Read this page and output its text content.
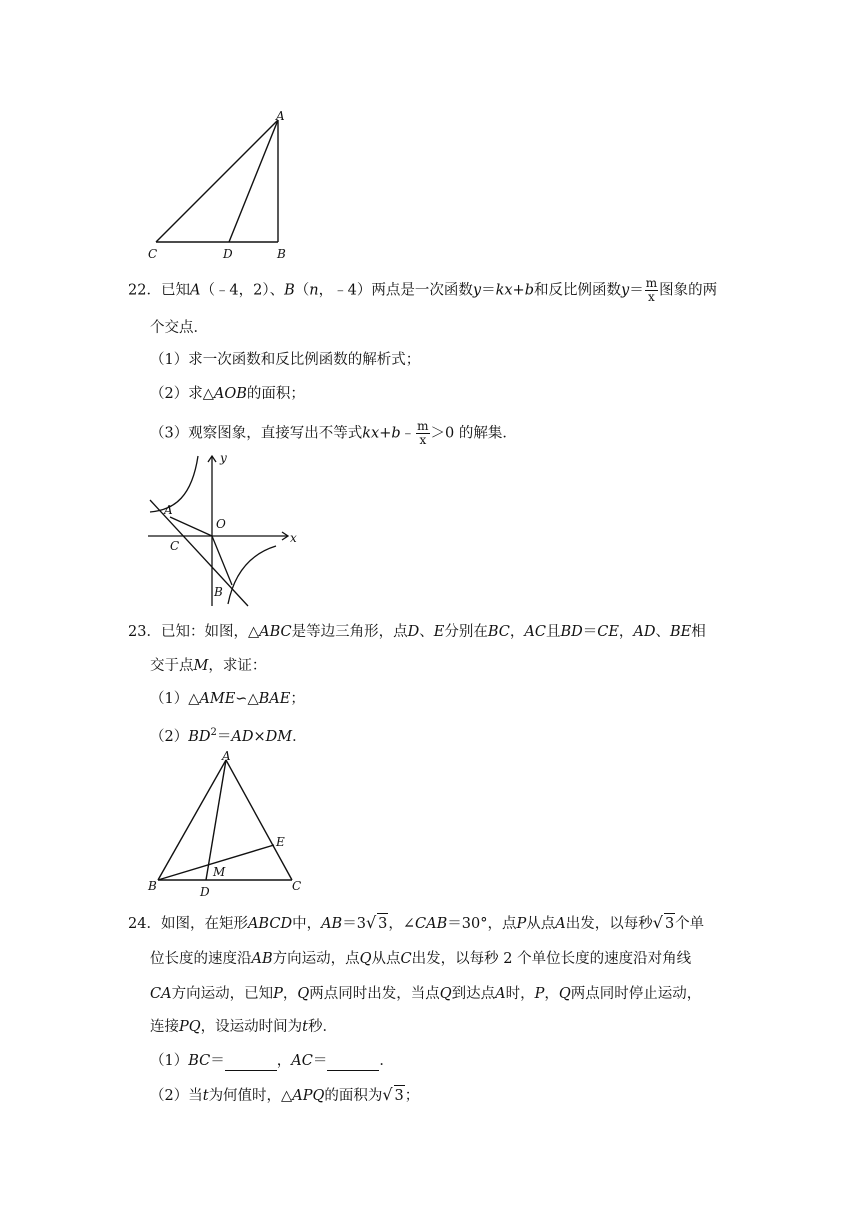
A
C	D	B
22．已知A（﹣4，2）、B（n，﹣4）两点是一次函数y＝kx+b和反比例函数$y= \frac{m}{x}$ 图象的两
个交点．
（1）求一次函数和反比例函数的解析式；
（2）求△AOB的面积；
（3）观察图象，直接写出不等式kx+b﹣ $\frac{m}{x} >0$ 的解集．
y
A
O
x
C
B
23．已知：如图，△ABC是等边三角形，点D、E分别在BC，AC且BD＝CE，AD、BE相
交于点M，求证：
（1）△AME∽△BAE；
$(2)BD^2=AD\times DM$．
A
E
M
B	D	C
24．如图，在矩形ABCD中，AB＝3√ 3，∠CAB＝30°，点P从点A出发，以每秒√ 3个单
位长度的速度沿AB方向运动，点Q从点C出发，以每秒 2 个单位长度的速度沿对角线
CA方向运动，已知P，Q两点同时出发，当点Q到达点A时，P，Q两点同时停止运动，
连接PQ，设运动时间为t秒．
（1）BC＝	，AC＝	．
（2）当t为何值时，△APQ的面积为√ 3；
